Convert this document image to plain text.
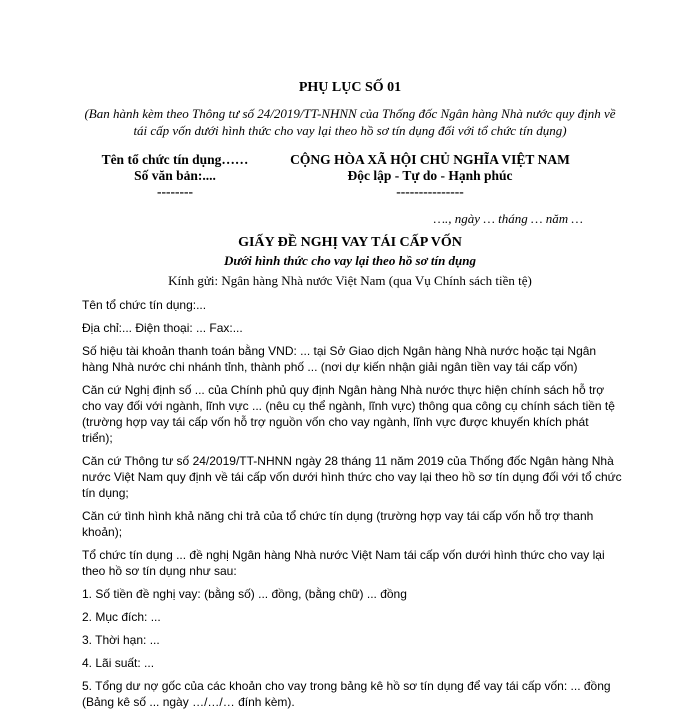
PHỤ LỤC SỐ 01
(Ban hành kèm theo Thông tư số 24/2019/TT-NHNN của Thống đốc Ngân hàng Nhà nước quy định về tái cấp vốn dưới hình thức cho vay lại theo hồ sơ tín dụng đối với tổ chức tín dụng)
Tên tổ chức tín dụng……
Số văn bản:....
--------
CỘNG HÒA XÃ HỘI CHỦ NGHĨA VIỆT NAM
Độc lập - Tự do - Hạnh phúc
---------------
…., ngày … tháng … năm …
GIẤY ĐỀ NGHỊ VAY TÁI CẤP VỐN
Dưới hình thức cho vay lại theo hồ sơ tín dụng
Kính gửi: Ngân hàng Nhà nước Việt Nam (qua Vụ Chính sách tiền tệ)

Tên tổ chức tín dụng:...

Địa chỉ:... Điện thoại: ... Fax:...

Số hiệu tài khoản thanh toán bằng VND: ... tại Sở Giao dịch Ngân hàng Nhà nước hoặc tại Ngân hàng Nhà nước chi nhánh tỉnh, thành phố ... (nơi dự kiến nhận giải ngân tiền vay tái cấp vốn)

Căn cứ Nghị định số ... của Chính phủ quy định Ngân hàng Nhà nước thực hiện chính sách hỗ trợ cho vay đối với ngành, lĩnh vực ... (nêu cụ thể ngành, lĩnh vực) thông qua công cụ chính sách tiền tệ (trường hợp vay tái cấp vốn hỗ trợ nguồn vốn cho vay ngành, lĩnh vực được khuyến khích phát triển);

Căn cứ Thông tư số 24/2019/TT-NHNN ngày 28 tháng 11 năm 2019 của Thống đốc Ngân hàng Nhà nước Việt Nam quy định về tái cấp vốn dưới hình thức cho vay lại theo hồ sơ tín dụng đối với tổ chức tín dụng;

Căn cứ tình hình khả năng chi trả của tổ chức tín dụng (trường hợp vay tái cấp vốn hỗ trợ thanh khoản);

Tổ chức tín dụng ... đề nghị Ngân hàng Nhà nước Việt Nam tái cấp vốn dưới hình thức cho vay lại theo hồ sơ tín dụng như sau:

1. Số tiền đề nghị vay: (bằng số) ... đồng, (bằng chữ) ... đồng

2. Mục đích: ...

3. Thời hạn: ...

4. Lãi suất: ...

5. Tổng dư nợ gốc của các khoản cho vay trong bảng kê hồ sơ tín dụng để vay tái cấp vốn: ... đồng (Bảng kê số ... ngày …/…/… đính kèm).
